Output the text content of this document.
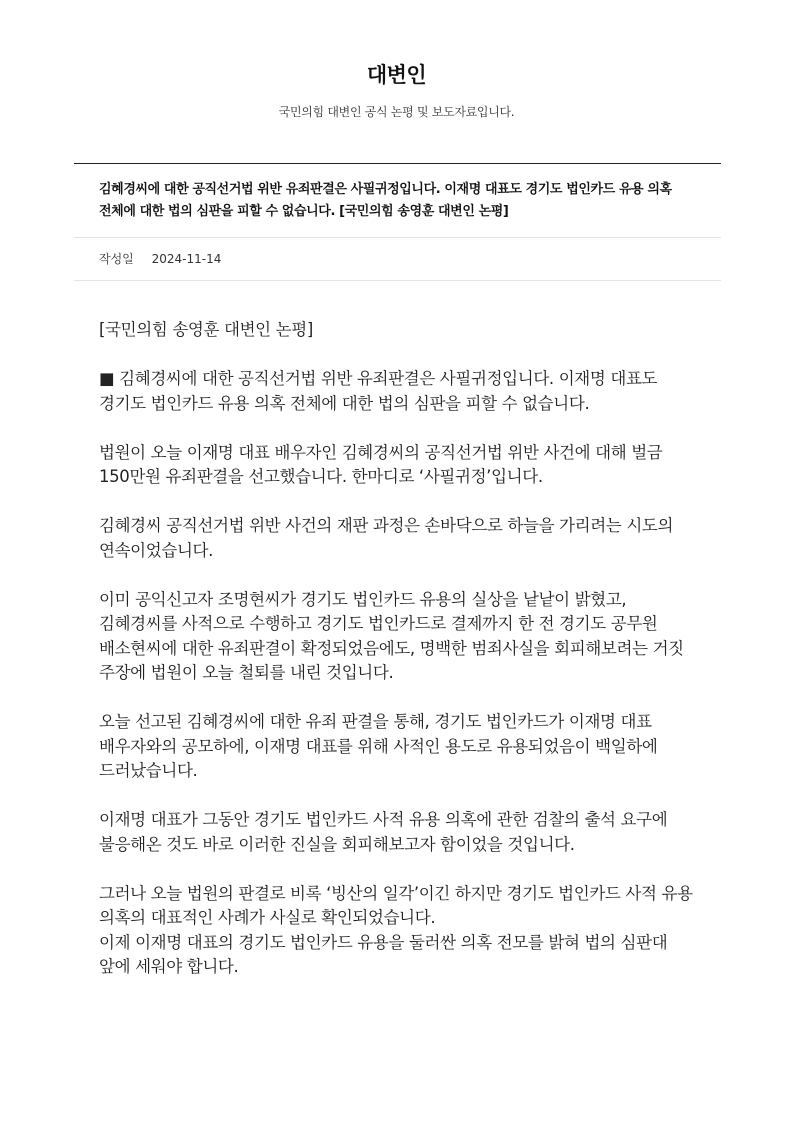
대변인
국민의힘 대변인 공식 논평 및 보도자료입니다.
김혜경씨에 대한 공직선거법 위반 유죄판결은 사필귀정입니다. 이재명 대표도 경기도 법인카드 유용 의혹 전체에 대한 법의 심판을 피할 수 없습니다. [국민의힘 송영훈 대변인 논평]
작성일 2024-11-14

[국민의힘 송영훈 대변인 논평]

■ 김혜경씨에 대한 공직선거법 위반 유죄판결은 사필귀정입니다. 이재명 대표도 경기도 법인카드 유용 의혹 전체에 대한 법의 심판을 피할 수 없습니다.

법원이 오늘 이재명 대표 배우자인 김혜경씨의 공직선거법 위반 사건에 대해 벌금 150만원 유죄판결을 선고했습니다. 한마디로 ‘사필귀정’입니다.

김혜경씨 공직선거법 위반 사건의 재판 과정은 손바닥으로 하늘을 가리려는 시도의 연속이었습니다.

이미 공익신고자 조명현씨가 경기도 법인카드 유용의 실상을 낱낱이 밝혔고, 김혜경씨를 사적으로 수행하고 경기도 법인카드로 결제까지 한 전 경기도 공무원 배소현씨에 대한 유죄판결이 확정되었음에도, 명백한 범죄사실을 회피해보려는 거짓 주장에 법원이 오늘 철퇴를 내린 것입니다.

오늘 선고된 김혜경씨에 대한 유죄 판결을 통해, 경기도 법인카드가 이재명 대표 배우자와의 공모하에, 이재명 대표를 위해 사적인 용도로 유용되었음이 백일하에 드러났습니다.

이재명 대표가 그동안 경기도 법인카드 사적 유용 의혹에 관한 검찰의 출석 요구에 불응해온 것도 바로 이러한 진실을 회피해보고자 함이었을 것입니다.

그러나 오늘 법원의 판결로 비록 ‘빙산의 일각’이긴 하지만 경기도 법인카드 사적 유용 의혹의 대표적인 사례가 사실로 확인되었습니다.
이제 이재명 대표의 경기도 법인카드 유용을 둘러싼 의혹 전모를 밝혀 법의 심판대 앞에 세워야 합니다.
